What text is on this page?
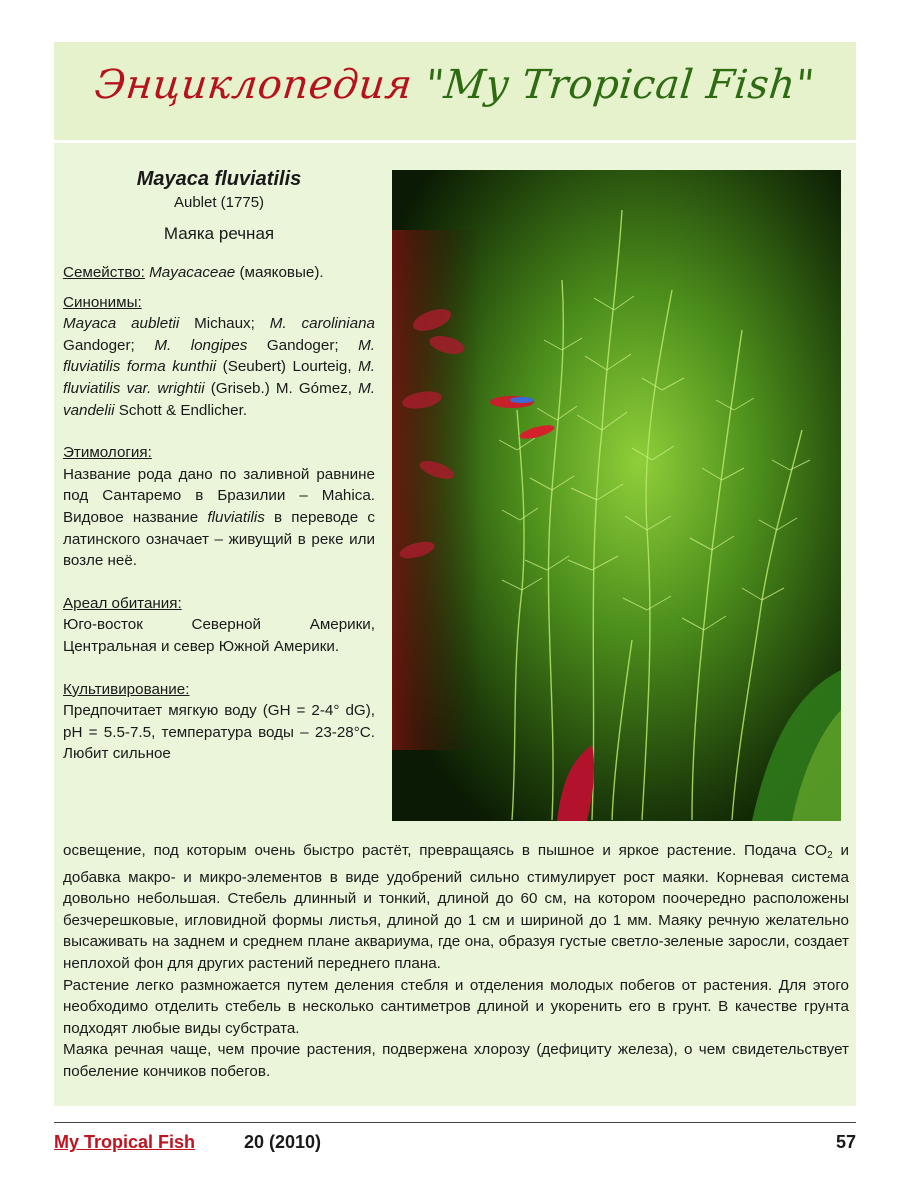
Энциклопедия "My Tropical Fish"

Mayaca fluviatilis

Aublet (1775)

Маяка речная

Семейство: Mayacaceae (маяковые).

Синонимы:

Mayaca aubletii Michaux; M. caroliniana Gandoger; M. longipes Gandoger; M. fluviatilis forma kunthii (Seubert) Lourteig, M. fluviatilis var. wrightii (Griseb.) M. Gómez, M. vandelii Schott & Endlicher.

Этимология:

Название рода дано по заливной равнине под Сантаремо в Бразилии – Mahica. Видовое название fluviatilis в переводе с латинского означает – живущий в реке или возле неё.

Ареал обитания:

Юго-восток Северной Америки, Центральная и север Южной Америки.

Культивирование:

Предпочитает мягкую воду (GH = 2-4° dG), pH = 5.5-7.5, температура воды – 23-28°C. Любит сильное

освещение, под которым очень быстро растёт, превращаясь в пышное и яркое растение. Подача $CO_2$ и добавка макро- и микро-элементов в виде удобрений сильно стимулирует рост маяки. Корневая система довольно небольшая. Стебель длинный и тонкий, длиной до 60 см, на котором поочередно расположены безчерешковые, игловидной формы листья, длиной до 1 см и шириной до 1 мм. Маяку речную желательно высаживать на заднем и среднем плане аквариума, где она, образуя густые светло-зеленые заросли, создает неплохой фон для других растений переднего плана.

Растение легко размножается путем деления стебля и отделения молодых побегов от растения. Для этого необходимо отделить стебель в несколько сантиметров длиной и укоренить его в грунт. В качестве грунта подходят любые виды субстрата.

Маяка речная чаще, чем прочие растения, подвержена хлорозу (дефициту железа), о чем свидетельствует побеление кончиков побегов.

My Tropical Fish	20 (2010)	57
